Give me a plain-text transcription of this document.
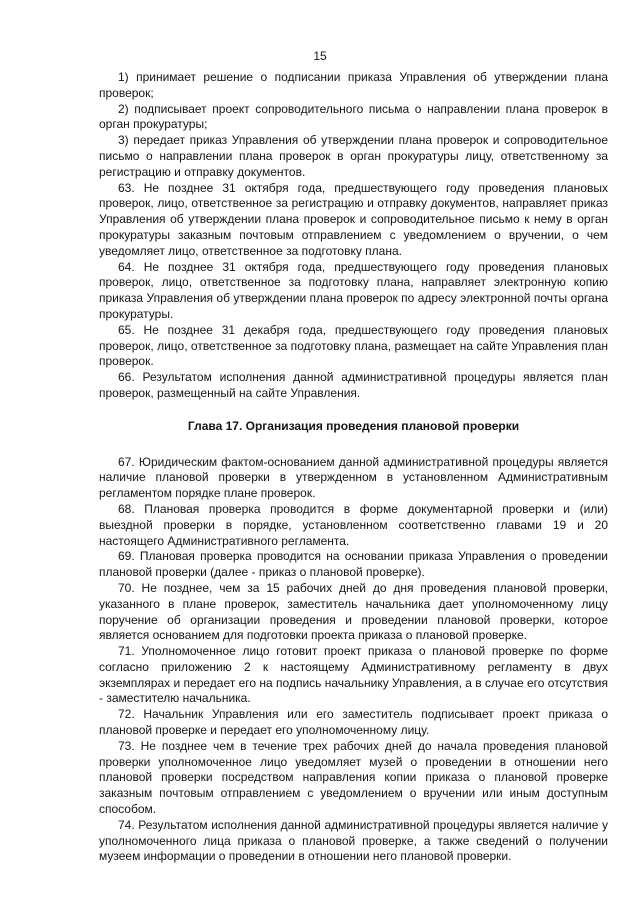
15

1) принимает решение о подписании приказа Управления об утверждении плана проверок;

2) подписывает проект сопроводительного письма о направлении плана проверок в орган прокуратуры;

3) передает приказ Управления об утверждении плана проверок и сопроводительное письмо о направлении плана проверок в орган прокуратуры лицу, ответственному за регистрацию и отправку документов.

63. Не позднее 31 октября года, предшествующего году проведения плановых проверок, лицо, ответственное за регистрацию и отправку документов, направляет приказ Управления об утверждении плана проверок и сопроводительное письмо к нему в орган прокуратуры заказным почтовым отправлением с уведомлением о вручении, о чем уведомляет лицо, ответственное за подготовку плана.

64. Не позднее 31 октября года, предшествующего году проведения плановых проверок, лицо, ответственное за подготовку плана, направляет электронную копию приказа Управления об утверждении плана проверок по адресу электронной почты органа прокуратуры.

65. Не позднее 31 декабря года, предшествующего году проведения плановых проверок, лицо, ответственное за подготовку плана, размещает на сайте Управления план проверок.

66. Результатом исполнения данной административной процедуры является план проверок, размещенный на сайте Управления.

Глава 17. Организация проведения плановой проверки

67. Юридическим фактом-основанием данной административной процедуры является наличие плановой проверки в утвержденном в установленном Административным регламентом порядке плане проверок.

68. Плановая проверка проводится в форме документарной проверки и (или) выездной проверки в порядке, установленном соответственно главами 19 и 20 настоящего Административного регламента.

69. Плановая проверка проводится на основании приказа Управления о проведении плановой проверки (далее - приказ о плановой проверке).

70. Не позднее, чем за 15 рабочих дней до дня проведения плановой проверки, указанного в плане проверок, заместитель начальника дает уполномоченному лицу поручение об организации проведения и проведении плановой проверки, которое является основанием для подготовки проекта приказа о плановой проверке.

71. Уполномоченное лицо готовит проект приказа о плановой проверке по форме согласно приложению 2 к настоящему Административному регламенту в двух экземплярах и передает его на подпись начальнику Управления, а в случае его отсутствия - заместителю начальника.

72. Начальник Управления или его заместитель подписывает проект приказа о плановой проверке и передает его уполномоченному лицу.

73. Не позднее чем в течение трех рабочих дней до начала проведения плановой проверки уполномоченное лицо уведомляет музей о проведении в отношении него плановой проверки посредством направления копии приказа о плановой проверке заказным почтовым отправлением с уведомлением о вручении или иным доступным способом.

74. Результатом исполнения данной административной процедуры является наличие у уполномоченного лица приказа о плановой проверке, а также сведений о получении музеем информации о проведении в отношении него плановой проверки.
